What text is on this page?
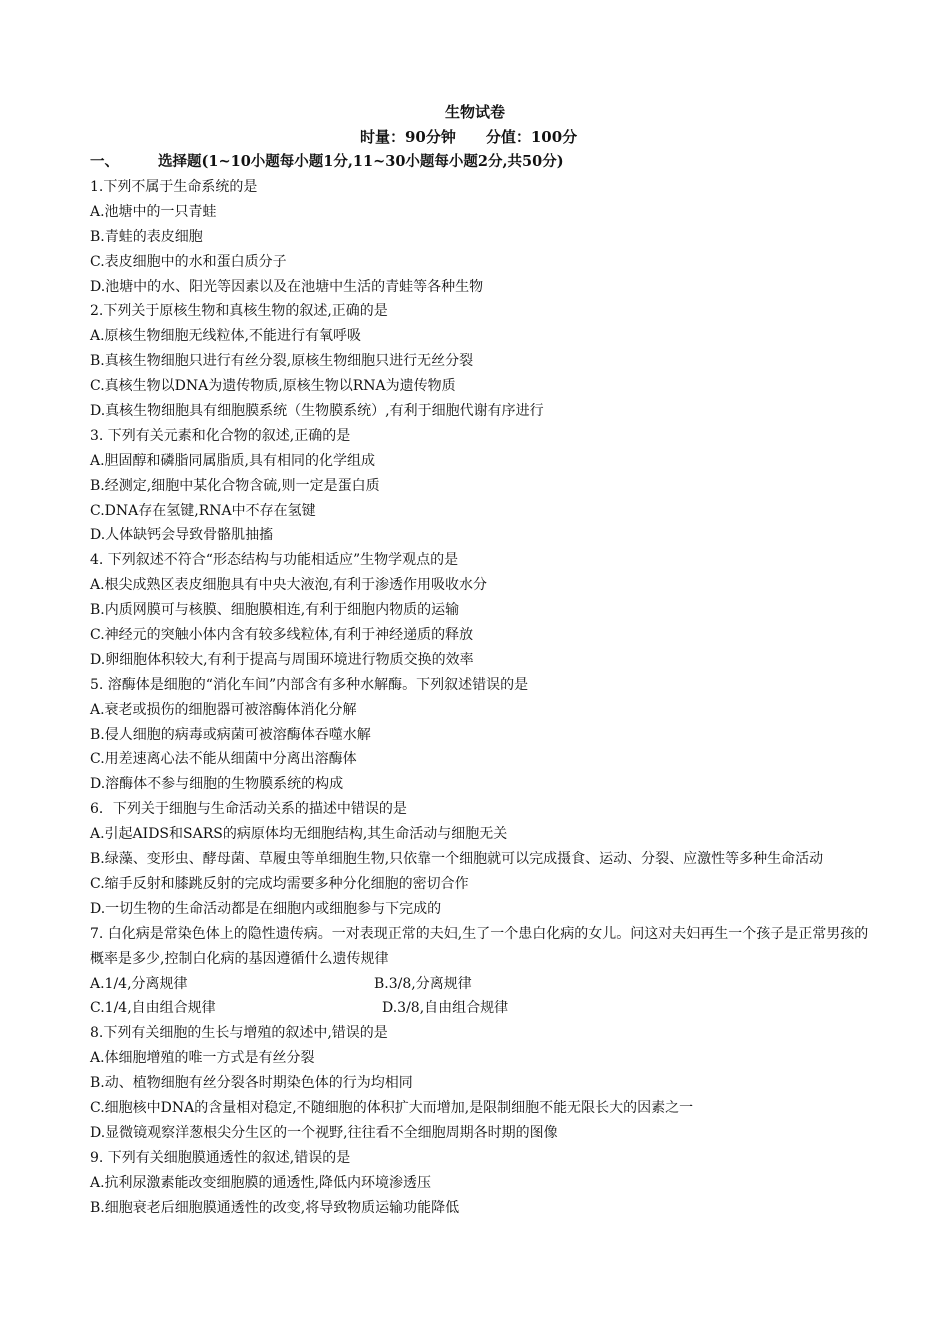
生物试卷
时量：90分钟 分值：100分
一、	选择题(1~10小题每小题1分,11~30小题每小题2分,共50分)
1.下列不属于生命系统的是
A.池塘中的一只青蛙
B.青蛙的表皮细胞
C.表皮细胞中的水和蛋白质分子
D.池塘中的水、阳光等因素以及在池塘中生活的青蛙等各种生物
2.下列关于原核生物和真核生物的叙述,正确的是
A.原核生物细胞无线粒体,不能进行有氧呼吸
B.真核生物细胞只进行有丝分裂,原核生物细胞只进行无丝分裂
C.真核生物以DNA为遗传物质,原核生物以RNA为遗传物质
D.真核生物细胞具有细胞膜系统（生物膜系统）,有利于细胞代谢有序进行
3. 下列有关元素和化合物的叙述,正确的是
A.胆固醇和磷脂同属脂质,具有相同的化学组成
B.经测定,细胞中某化合物含硫,则一定是蛋白质
C.DNA存在氢键,RNA中不存在氢键
D.人体缺钙会导致骨骼肌抽搐
4. 下列叙述不符合“形态结构与功能相适应”生物学观点的是
A.根尖成熟区表皮细胞具有中央大液泡,有利于渗透作用吸收水分
B.内质网膜可与核膜、细胞膜相连,有利于细胞内物质的运输
C.神经元的突触小体内含有较多线粒体,有利于神经递质的释放
D.卵细胞体积较大,有利于提高与周围环境进行物质交换的效率
5. 溶酶体是细胞的“消化车间”内部含有多种水解酶。下列叙述错误的是
A.衰老或损伤的细胞器可被溶酶体消化分解
B.侵人细胞的病毒或病菌可被溶酶体吞噬水解
C.用差速离心法不能从细菌中分离出溶酶体
D.溶酶体不参与细胞的生物膜系统的构成
6．下列关于细胞与生命活动关系的描述中错误的是
A.引起AIDS和SARS的病原体均无细胞结构,其生命活动与细胞无关
B.绿藻、变形虫、酵母菌、草履虫等单细胞生物,只依靠一个细胞就可以完成摄食、运动、分裂、应激性等多种生命活动
C.缩手反射和膝跳反射的完成均需要多种分化细胞的密切合作
D.一切生物的生命活动都是在细胞内或细胞参与下完成的
7. 白化病是常染色体上的隐性遗传病。一对表现正常的夫妇,生了一个患白化病的女儿。问这对夫妇再生一个孩子是正常男孩的概率是多少,控制白化病的基因遵循什么遗传规律
A.1/4,分离规律	B.3/8,分离规律
C.1/4,自由组合规律	D.3/8,自由组合规律
8.下列有关细胞的生长与增殖的叙述中,错误的是
A.体细胞增殖的唯一方式是有丝分裂
B.动、植物细胞有丝分裂各时期染色体的行为均相同
C.细胞核中DNA的含量相对稳定,不随细胞的体积扩大而增加,是限制细胞不能无限长大的因素之一
D.显微镜观察洋葱根尖分生区的一个视野,往往看不全细胞周期各时期的图像
9. 下列有关细胞膜通透性的叙述,错误的是
A.抗利尿激素能改变细胞膜的通透性,降低内环境渗透压
B.细胞衰老后细胞膜通透性的改变,将导致物质运输功能降低
